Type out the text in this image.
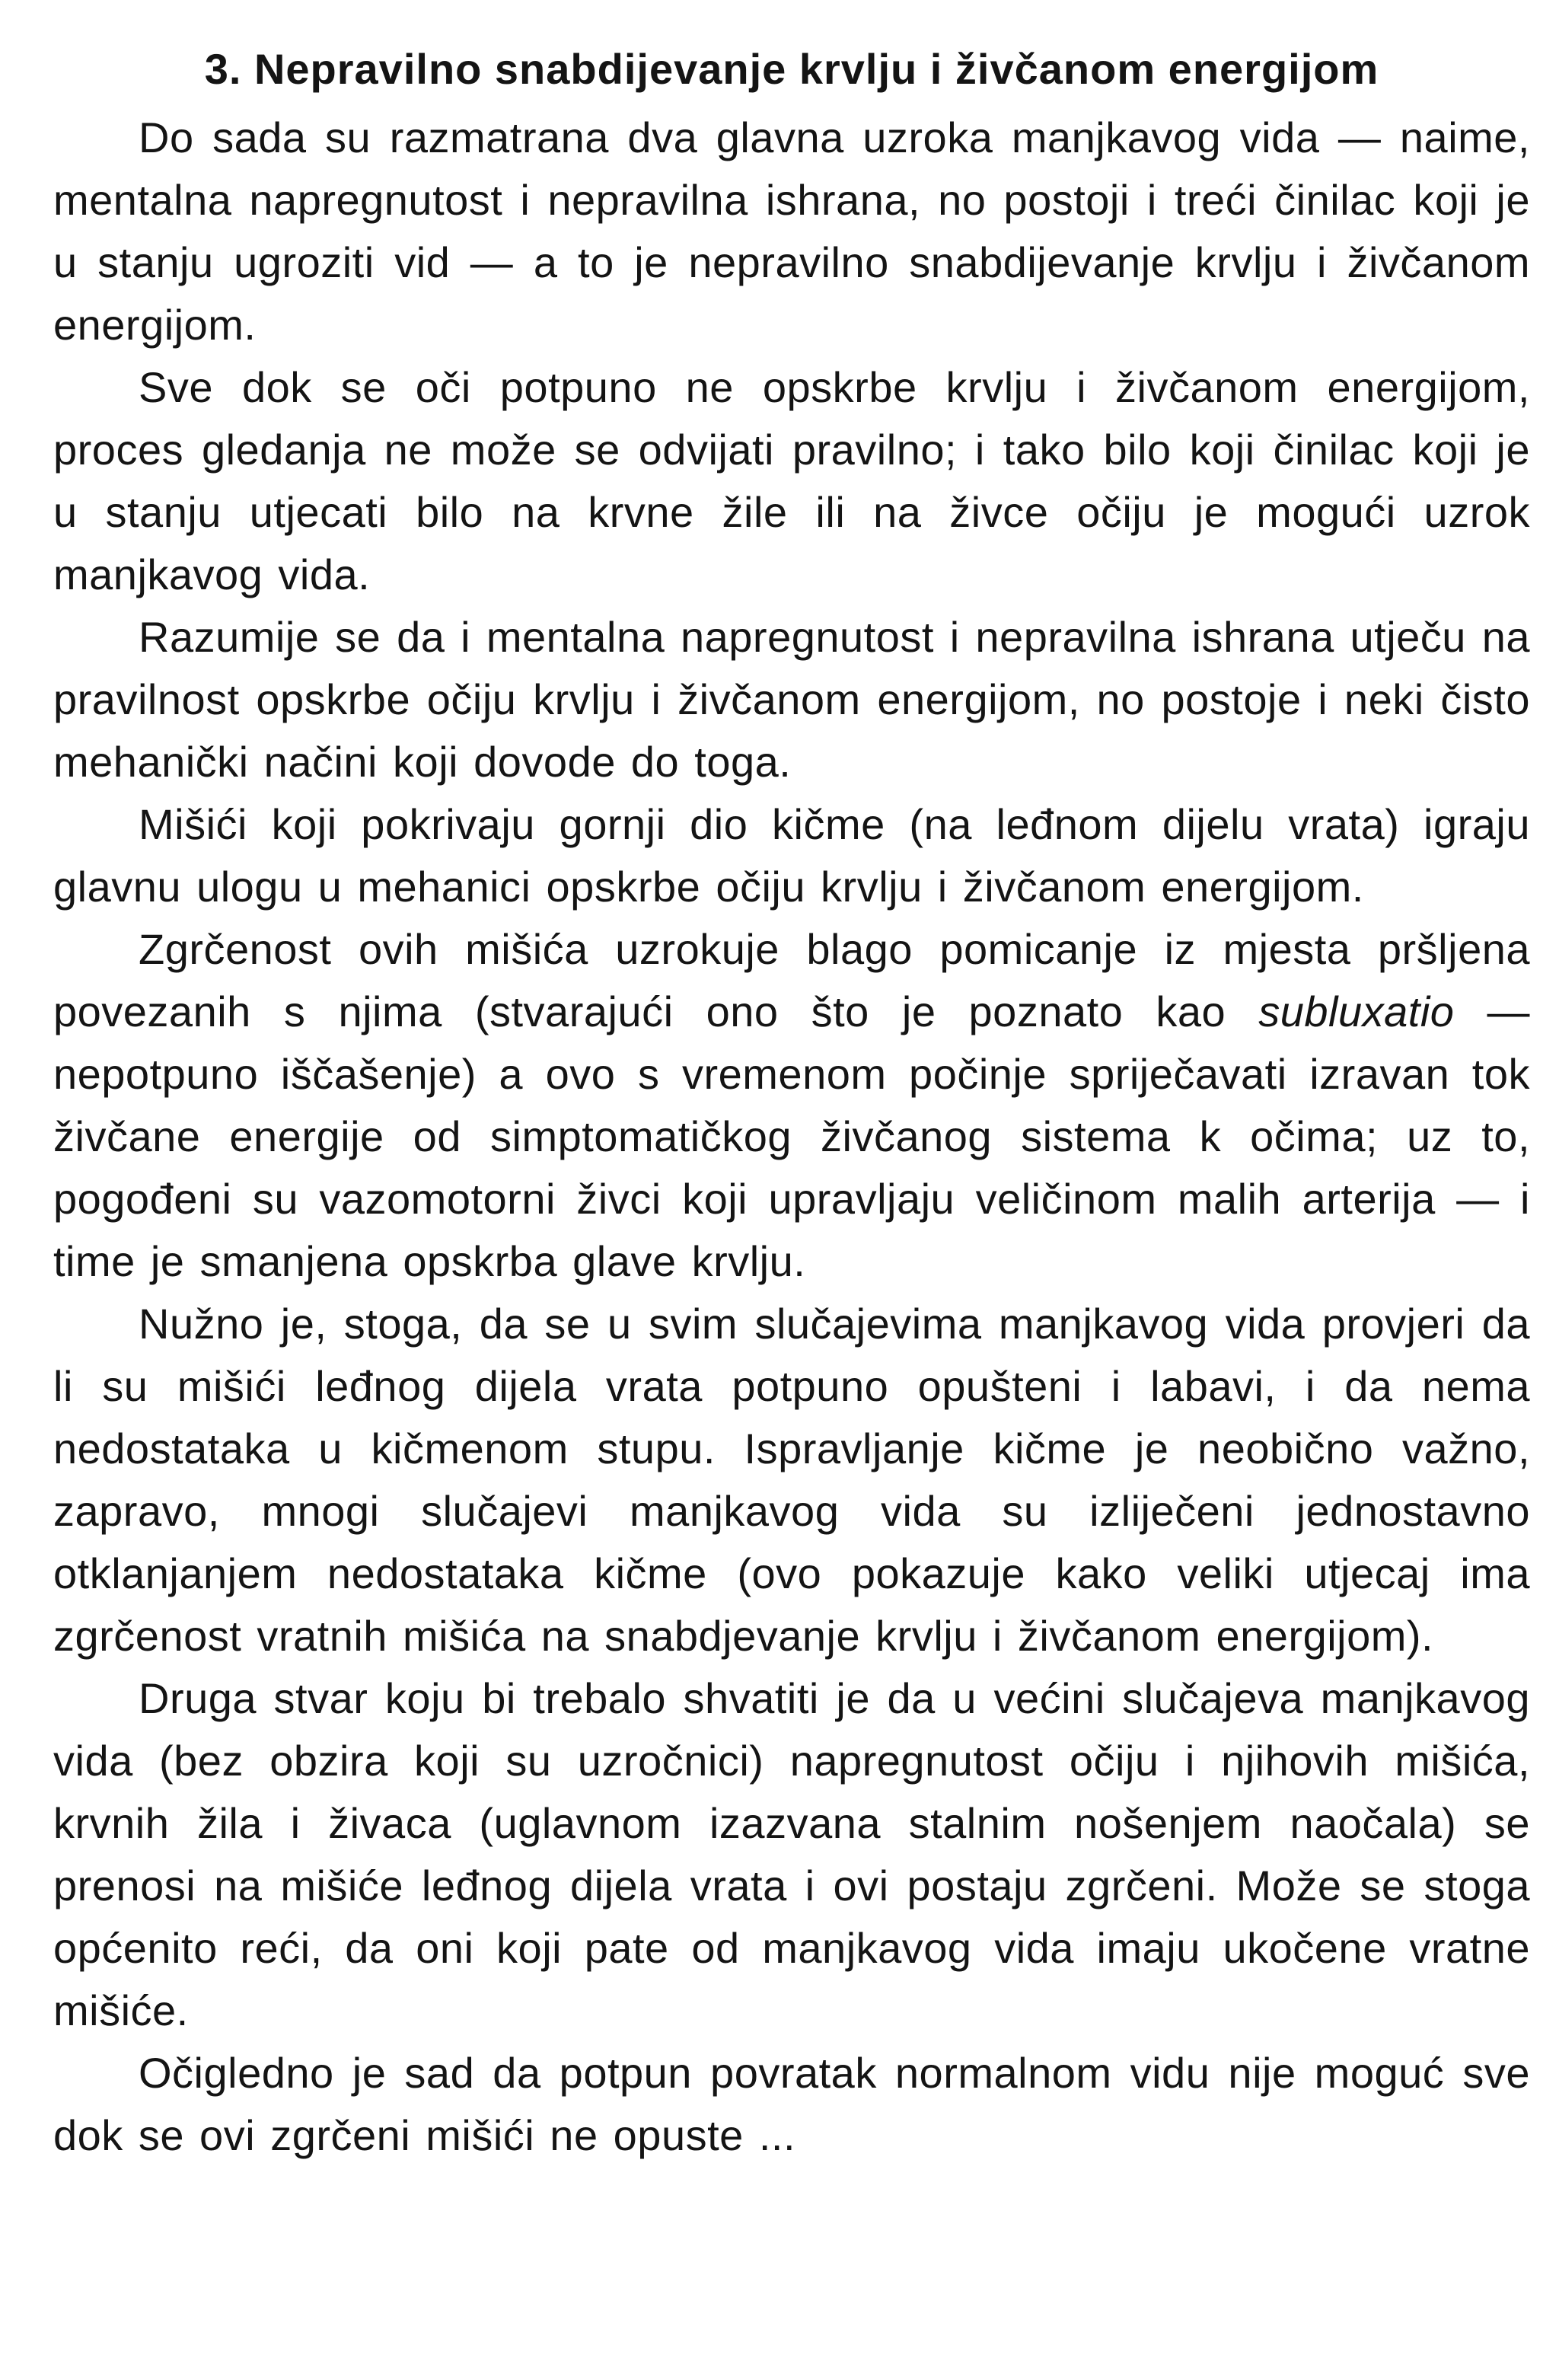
3. Nepravilno snabdijevanje krvlju i živčanom energijom

Do sada su razmatrana dva glavna uzroka manjkavog vida — naime, mentalna napregnutost i nepravilna ishrana, no postoji i treći činilac koji je u stanju ugroziti vid — a to je nepravilno snabdijevanje krvlju i živčanom energijom.

Sve dok se oči potpuno ne opskrbe krvlju i živčanom energijom, proces gledanja ne može se odvijati pravilno; i tako bilo koji činilac koji je u stanju utjecati bilo na krvne žile ili na živce očiju je mogući uzrok manjkavog vida.

Razumije se da i mentalna napregnutost i nepravilna ishrana utječu na pravilnost opskrbe očiju krvlju i živčanom energijom, no postoje i neki čisto mehanički načini koji dovode do toga.

Mišići koji pokrivaju gornji dio kičme (na leđnom dijelu vrata) igraju glavnu ulogu u mehanici opskrbe očiju krvlju i živčanom energijom.

Zgrčenost ovih mišića uzrokuje blago pomicanje iz mjesta pršljena povezanih s njima (stvarajući ono što je poznato kao subluxatio — nepotpuno iščašenje) a ovo s vremenom počinje spriječavati izravan tok živčane energije od simptomatičkog živčanog sistema k očima; uz to, pogođeni su vazomotorni živci koji upravljaju veličinom malih arterija — i time je smanjena opskrba glave krvlju.

Nužno je, stoga, da se u svim slučajevima manjkavog vida provjeri da li su mišići leđnog dijela vrata potpuno opušteni i labavi, i da nema nedostataka u kičmenom stupu. Ispravljanje kičme je neobično važno, zapravo, mnogi slučajevi manjkavog vida su izliječeni jednostavno otklanjanjem nedostataka kičme (ovo pokazuje kako veliki utjecaj ima zgrčenost vratnih mišića na snabdjevanje krvlju i živčanom energijom).

Druga stvar koju bi trebalo shvatiti je da u većini slučajeva manjkavog vida (bez obzira koji su uzročnici) napregnutost očiju i njihovih mišića, krvnih žila i živaca (uglavnom izazvana stalnim nošenjem naočala) se prenosi na mišiće leđnog dijela vrata i ovi postaju zgrčeni. Može se stoga općenito reći, da oni koji pate od manjkavog vida imaju ukočene vratne mišiće.

Očigledno je sad da potpun povratak normalnom vidu nije moguć sve dok se ovi zgrčeni mišići ne opuste ...
